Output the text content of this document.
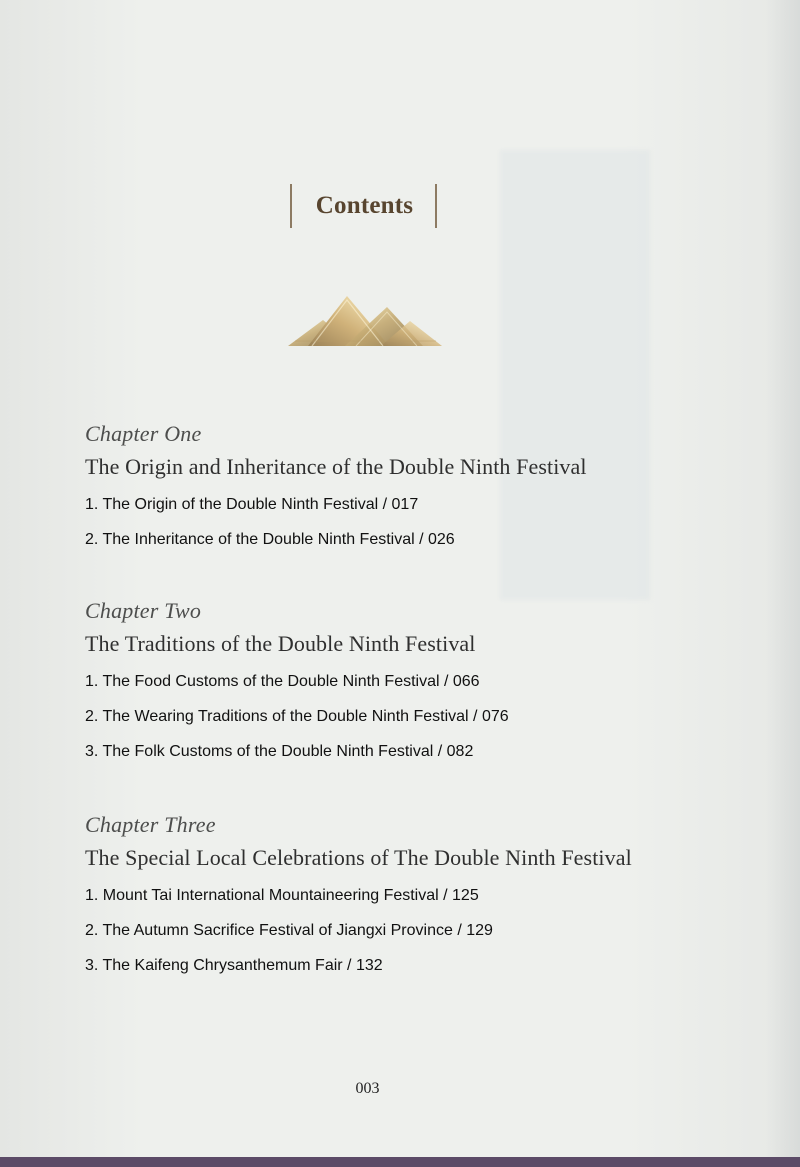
Contents
Chapter One
The Origin and Inheritance of the Double Ninth Festival
1. The Origin of the Double Ninth Festival / 017
2. The Inheritance of the Double Ninth Festival / 026
Chapter Two
The Traditions of the Double Ninth Festival
1. The Food Customs of the Double Ninth Festival / 066
2. The Wearing Traditions of the Double Ninth Festival / 076
3. The Folk Customs of the Double Ninth Festival / 082
Chapter Three
The Special Local Celebrations of The Double Ninth Festival
1. Mount Tai International Mountaineering Festival / 125
2. The Autumn Sacrifice Festival of Jiangxi Province / 129
3. The Kaifeng Chrysanthemum Fair / 132
003
